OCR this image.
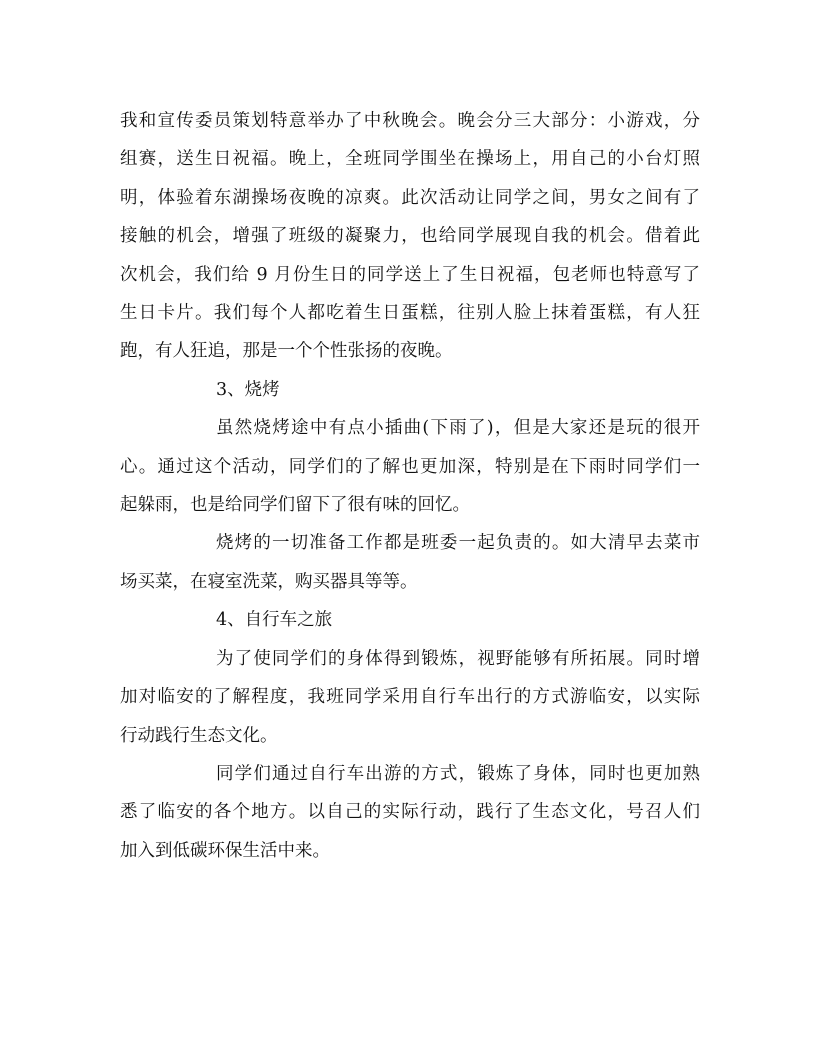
我和宣传委员策划特意举办了中秋晚会。晚会分三大部分：小游戏，分
组赛，送生日祝福。晚上，全班同学围坐在操场上，用自己的小台灯照
明，体验着东湖操场夜晚的凉爽。此次活动让同学之间，男女之间有了
接触的机会，增强了班级的凝聚力，也给同学展现自我的机会。借着此
次机会，我们给 9 月份生日的同学送上了生日祝福，包老师也特意写了
生日卡片。我们每个人都吃着生日蛋糕，往别人脸上抹着蛋糕，有人狂
跑，有人狂追，那是一个个性张扬的夜晚。

3、烧烤

虽然烧烤途中有点小插曲(下雨了)，但是大家还是玩的很开
心。通过这个活动，同学们的了解也更加深，特别是在下雨时同学们一
起躲雨，也是给同学们留下了很有味的回忆。

烧烤的一切准备工作都是班委一起负责的。如大清早去菜市
场买菜，在寝室洗菜，购买器具等等。

4、自行车之旅

为了使同学们的身体得到锻炼，视野能够有所拓展。同时增
加对临安的了解程度，我班同学采用自行车出行的方式游临安，以实际
行动践行生态文化。

同学们通过自行车出游的方式，锻炼了身体，同时也更加熟
悉了临安的各个地方。以自己的实际行动，践行了生态文化，号召人们
加入到低碳环保生活中来。
